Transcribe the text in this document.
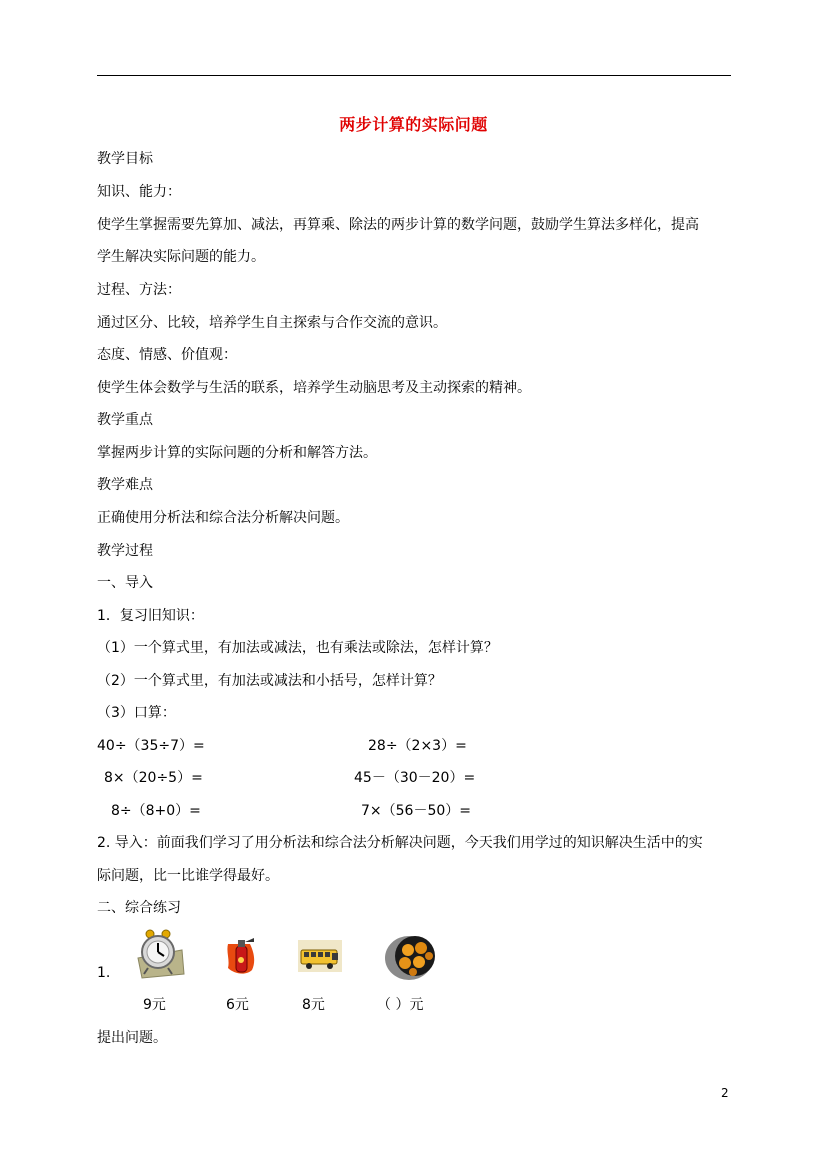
两步计算的实际问题
教学目标
知识、能力：
使学生掌握需要先算加、减法，再算乘、除法的两步计算的数学问题，鼓励学生算法多样化，提高
学生解决实际问题的能力。
过程、方法：
通过区分、比较，培养学生自主探索与合作交流的意识。
态度、情感、价值观：
使学生体会数学与生活的联系，培养学生动脑思考及主动探索的精神。
教学重点
掌握两步计算的实际问题的分析和解答方法。
教学难点
正确使用分析法和综合法分析解决问题。
教学过程
一、导入
1．复习旧知识：
（1）一个算式里，有加法或减法，也有乘法或除法，怎样计算？
（2）一个算式里，有加法或减法和小括号，怎样计算？
（3）口算：
40÷（35÷7）=	28÷（2×3）=
8×（20÷5）=	45－（30－20）=
8÷（8+0）=	7×（56－50）=
2. 导入：前面我们学习了用分析法和综合法分析解决问题，今天我们用学过的知识解决生活中的实
际问题，比一比谁学得最好。
二、综合练习
1.
9元	6元	8元	（ ）元
提出问题。
2
